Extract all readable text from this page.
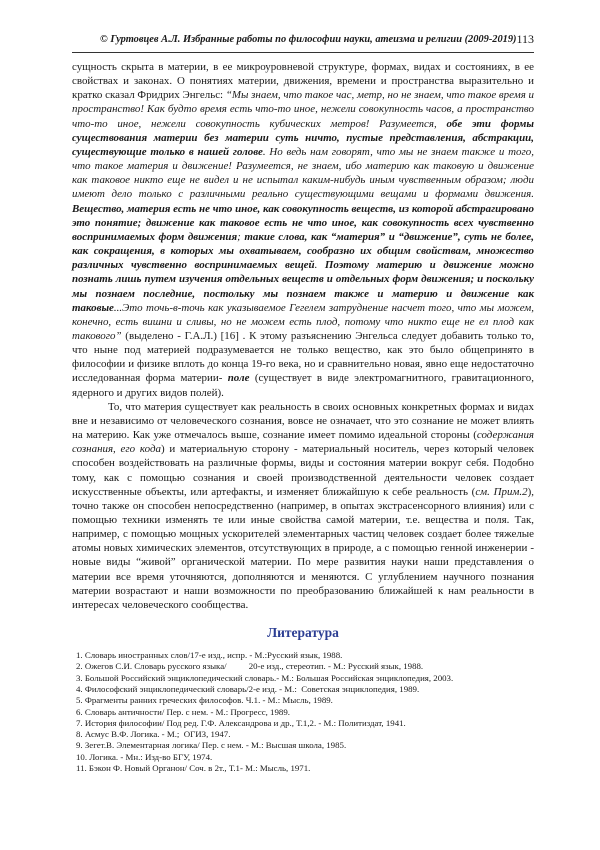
© Гуртовцев А.Л. Избранные работы по философии науки, атеизма и религии (2009-2019) 113

сущность скрыта в материи, в ее микроуровневой структуре, формах, видах и состояниях, в ее свойствах и законах. О понятиях материи, движения, времени и пространства выразительно и кратко сказал Фридрих Энгельс: “Мы знаем, что такое час, метр, но не знаем, что такое время и пространство! Как будто время есть что-то иное, нежели совокупность часов, а пространство что-то иное, нежели совокупность кубических метров! Разумеется, обе эти формы существования материи без материи суть ничто, пустые представления, абстракции, существующие только в нашей голове. Но ведь нам говорят, что мы не знаем также и того, что такое материя и движение! Разумеется, не знаем, ибо материю как таковую и движение как таковое никто еще не видел и не испытал каким-нибудь иным чувственным образом; люди имеют дело только с различными реально существующими вещами и формами движения. Вещество, материя есть не что иное, как совокупность веществ, из которой абстрагировано это понятие; движение как таковое есть не что иное, как совокупность всех чувственно воспринимаемых форм движения; такие слова, как “материя” и “движение”, суть не более, как сокращения, в которых мы охватываем, сообразно их общим свойствам, множество различных чувственно воспринимаемых вещей. Поэтому материю и движение можно познать лишь путем изучения отдельных веществ и отдельных форм движения; и поскольку мы познаем последние, постольку мы познаем также и материю и движение как таковые...Это точь-в-точь как указываемое Гегелем затруднение насчет того, что мы можем, конечно, есть вишни и сливы, но не можем есть плод, потому что никто еще не ел плод как такового” (выделено - Г.А.Л.) [16] . К этому разъяснению Энгельса следует добавить только то, что ныне под материей подразумевается не только вещество, как это было общепринято в философии и физике вплоть до конца 19-го века, но и сравнительно новая, явно еще недостаточно исследованная форма материи- поле (существует в виде электромагнитного, гравитационного, ядерного и других видов полей).

То, что материя существует как реальность в своих основных конкретных формах и видах вне и независимо от человеческого сознания, вовсе не означает, что это сознание не может влиять на материю. Как уже отмечалось выше, сознание имеет помимо идеальной стороны (содержания сознания, его кода) и материальную сторону - материальный носитель, через который человек способен воздействовать на различные формы, виды и состояния материи вокруг себя. Подобно тому, как с помощью сознания и своей производственной деятельности человек создает искусственные объекты, или артефакты, и изменяет ближайшую к себе реальность (см. Прим.2), точно также он способен непосредственно (например, в опытах экстрасенсорного влияния) или с помощью техники изменять те или иные свойства самой материи, т.е. вещества и поля. Так, например, с помощью мощных ускорителей элементарных частиц человек создает более тяжелые атомы новых химических элементов, отсутствующих в природе, а с помощью генной инженерии - новые виды “живой” органической материи. По мере развития науки наши представления о материи все время уточняются, дополняются и меняются. С углублением научного познания материи возрастают и наши возможности по преобразованию ближайшей к нам реальности в интересах человеческого сообщества.

Литература
1. Словарь иностранных слов/17-е изд., испр. - М.:Русский язык, 1988.
2. Ожегов С.И. Словарь русского языка/          20-е изд., стереотип. - М.: Русский язык, 1988.
3. Большой Российский энциклопедический словарь.- М.: Большая Российская энциклопедия, 2003.
4. Философский энциклопедический словарь/2-е изд. - М.:  Советская энциклопедия, 1989.
5. Фрагменты ранних греческих философов. Ч.1. - М.: Мысль, 1989.
6. Словарь античности/ Пер. с нем. - М.: Прогресс, 1989.
7. История философии/ Под ред. Г.Ф. Александрова и др., Т.1,2. - М.: Политиздат, 1941.
8. Асмус В.Ф. Логика. - М.;  ОГИЗ, 1947.
9. Зегет.В. Элементарная логика/ Пер. с нем. - М.: Высшая школа, 1985.
10. Логика. - Мн.: Изд-во БГУ, 1974.
11. Бэкон Ф. Новый Органон/ Соч. в 2т., Т.1- М.: Мысль, 1971.
